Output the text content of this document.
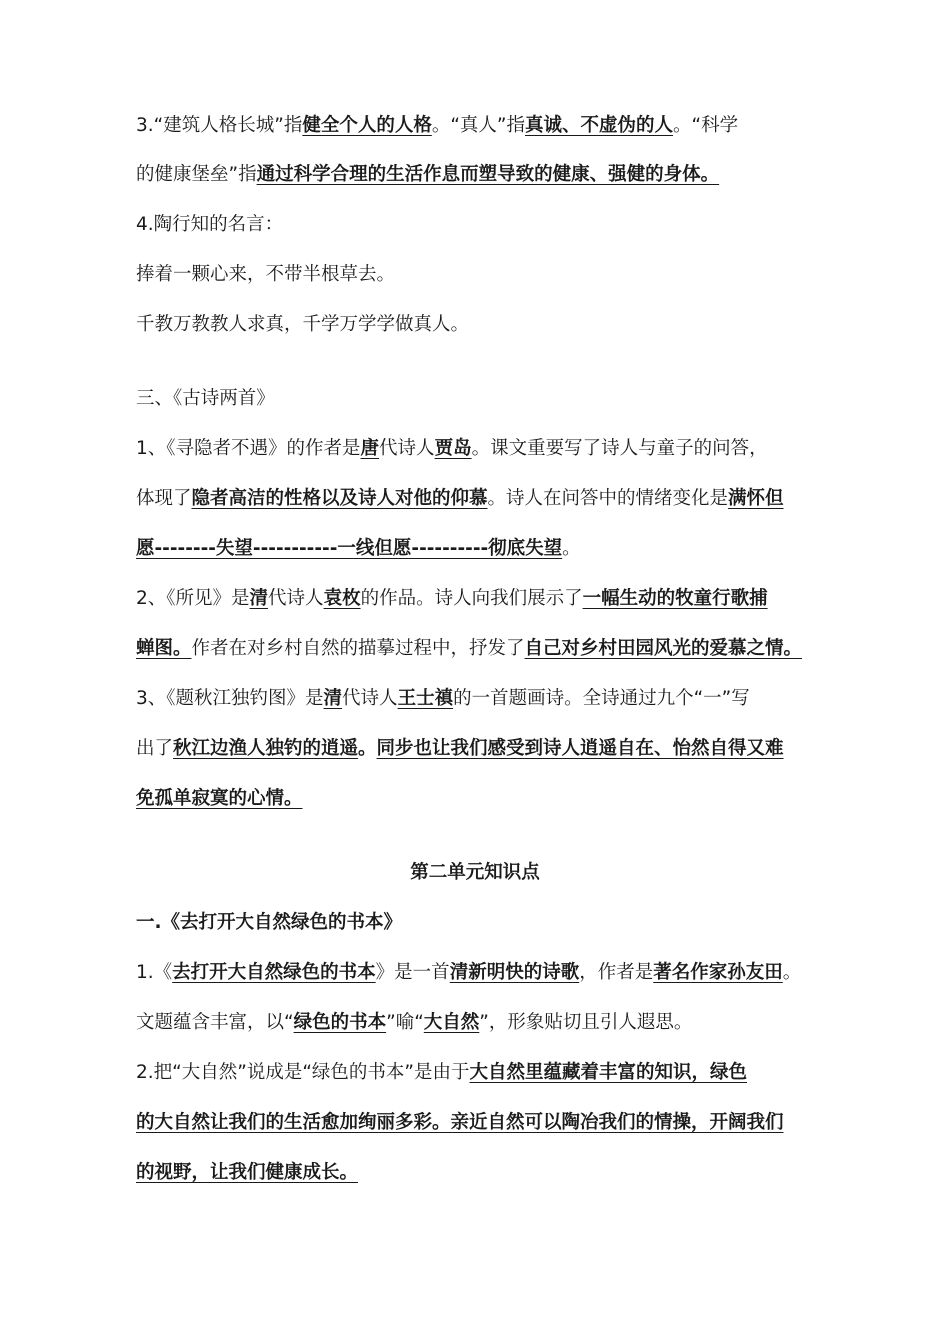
3.“建筑人格长城”指健全个人的人格。“真人”指真诚、不虚伪的人。“科学
的健康堡垒”指通过科学合理的生活作息而塑导致的健康、强健的身体。
4.陶行知的名言：
捧着一颗心来，不带半根草去。
千教万教教人求真，千学万学学做真人。
三、《古诗两首》
1、《寻隐者不遇》的作者是唐代诗人贾岛。课文重要写了诗人与童子的问答，
体现了隐者高洁的性格以及诗人对他的仰慕。诗人在问答中的情绪变化是满怀但
愿--------失望-----------一线但愿----------彻底失望。
2、《所见》是清代诗人袁枚的作品。诗人向我们展示了一幅生动的牧童行歌捕
蝉图。作者在对乡村自然的描摹过程中，抒发了自己对乡村田园风光的爱慕之情。
3、《题秋江独钓图》是清代诗人王士禛的一首题画诗。全诗通过九个“一”写
出了秋江边渔人独钓的逍遥。同步也让我们感受到诗人逍遥自在、怡然自得又难
免孤单寂寞的心情。
第二单元知识点
一.《去打开大自然绿色的书本》
1.《去打开大自然绿色的书本》是一首清新明快的诗歌，作者是著名作家孙友田。
文题蕴含丰富，以“绿色的书本”喻“大自然”，形象贴切且引人遐思。
2.把“大自然”说成是“绿色的书本”是由于大自然里蕴藏着丰富的知识，绿色
的大自然让我们的生活愈加绚丽多彩。亲近自然可以陶冶我们的情操，开阔我们
的视野，让我们健康成长。
